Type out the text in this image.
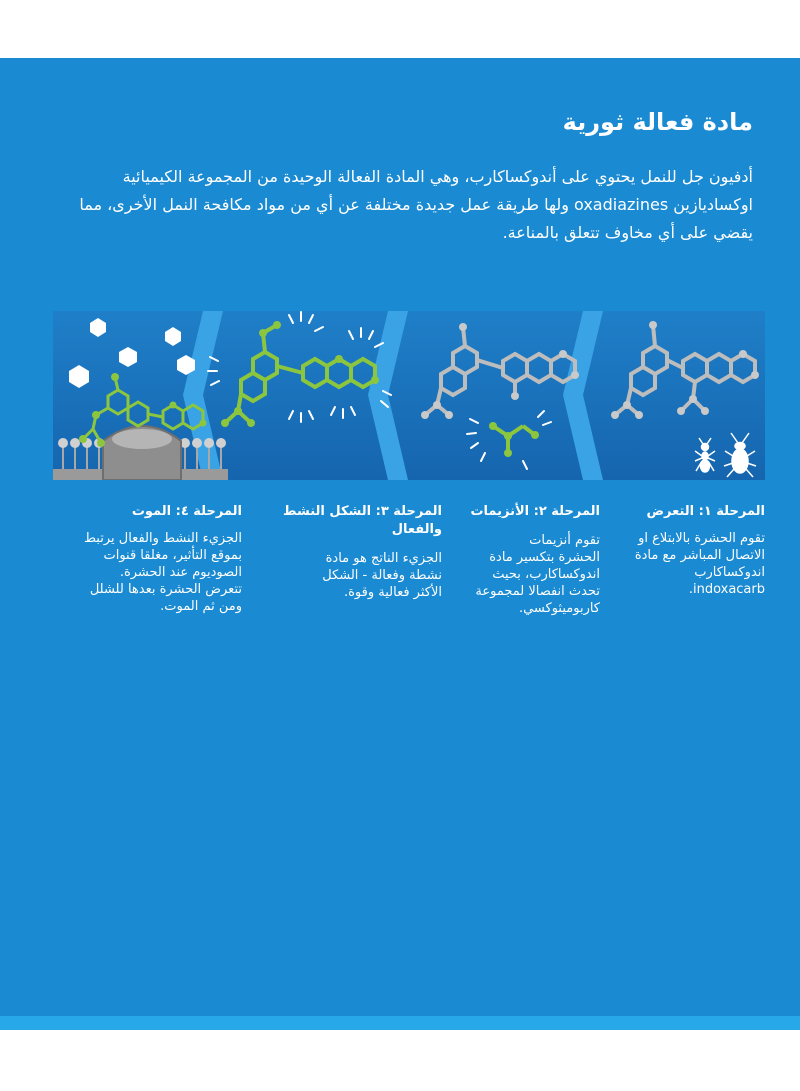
مادة فعالة ثورية

أدفيون جل للنمل يحتوي على أندوكساكارب، وهي المادة الفعالة الوحيدة من المجموعة الكيميائية اوكساديازين oxadiazines ولها طريقة عمل جديدة مختلفة عن أي من مواد مكافحة النمل الأخرى، مما يقضي على أي مخاوف تتعلق بالمناعة.

المرحلة ١: التعرض

تقوم الحشرة بالابتلاع او
الاتصال المباشر مع مادة
اندوكساكارب
indoxacarb.

المرحلة ٢: الأنزيمات

تقوم أنزيمات
الحشرة بتكسير مادة
اندوكساكارب، بحيث
تحدث انفصالا لمجموعة
كاربوميثوكسي.

المرحلة ٣: الشكل النشط
والفعال

الجزيء الناتج هو مادة
نشطة وفعالة - الشكل
الأكثر فعالية وقوة.

المرحلة ٤: الموت

الجزيء النشط والفعال يرتبط
بموقع التأثير، مغلقا قنوات
الصوديوم عند الحشرة.
تتعرض الحشرة بعدها للشلل
ومن ثم الموت.
